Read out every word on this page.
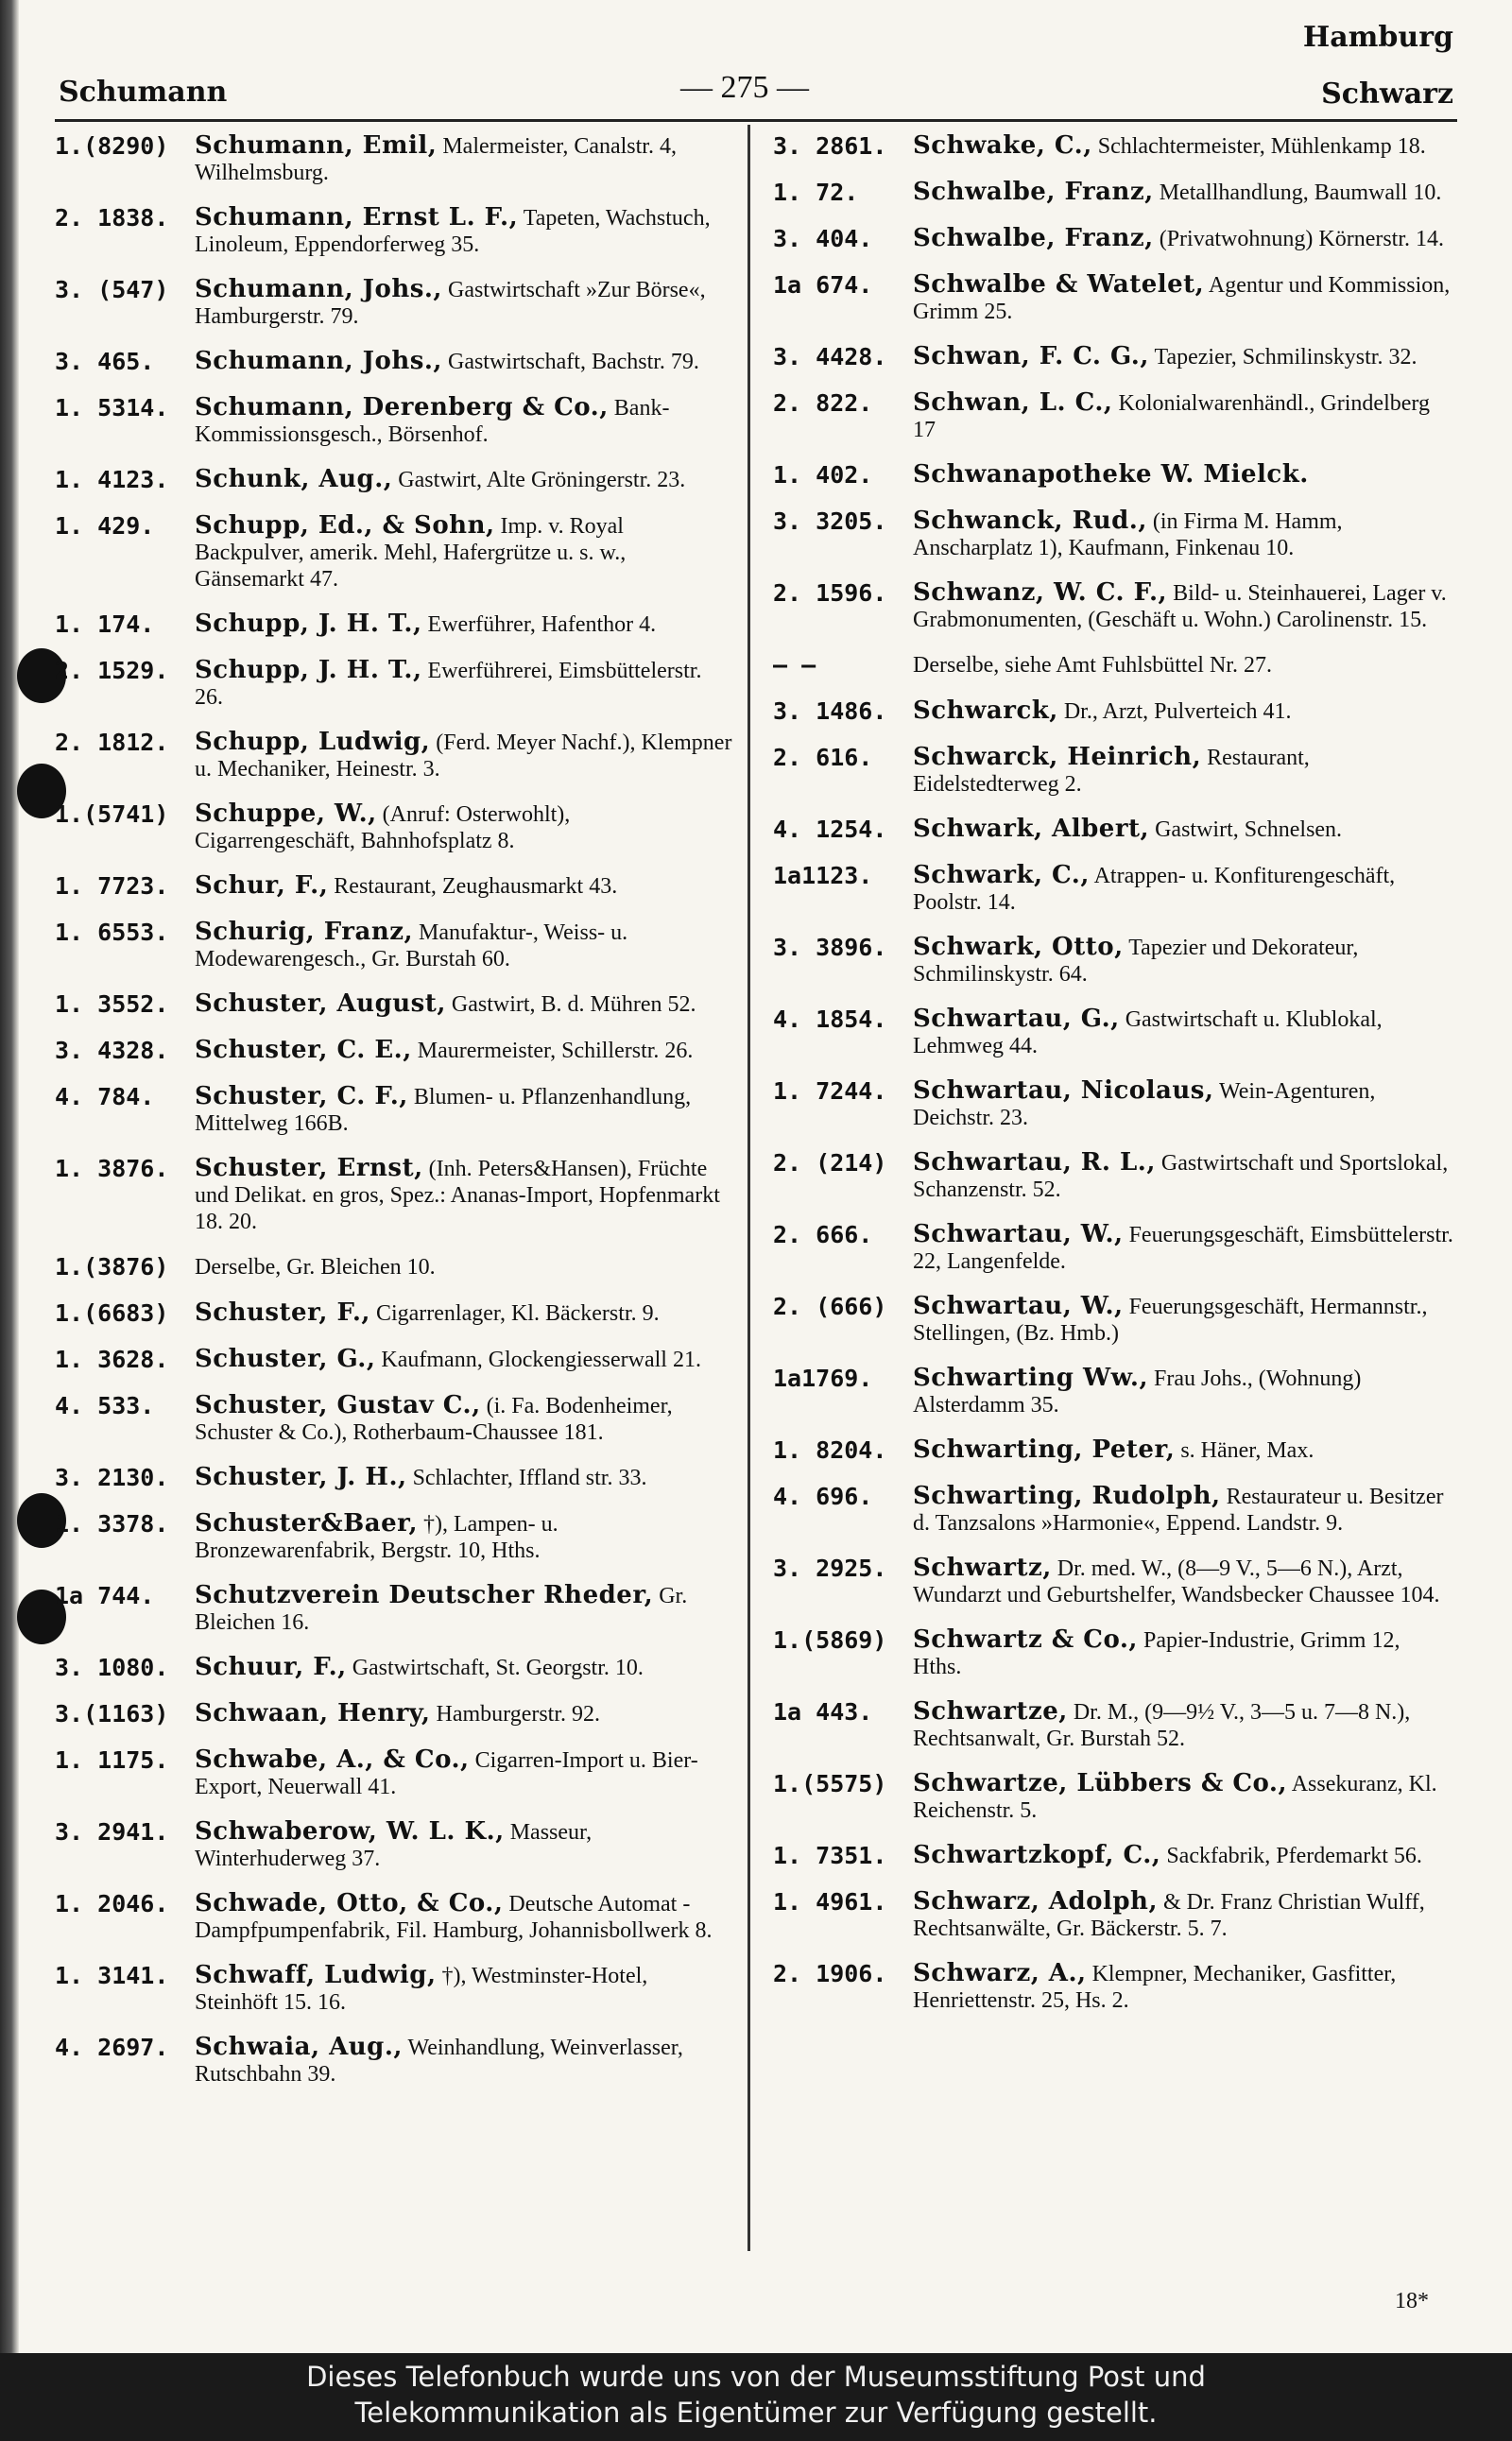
Schumann	— 275 —
Hamburg
Schwarz
1.(8290)	Schumann, Emil, Malermeister, Canalstr. 4, Wilhelmsburg.
2. 1838.	Schumann, Ernst L. F., Tapeten, Wachstuch, Linoleum, Eppendorferweg 35.
3. (547)	Schumann, Johs., Gastwirtschaft »Zur Börse«, Hamburgerstr. 79.
3. 465.	Schumann, Johs., Gastwirtschaft, Bachstr. 79.
1. 5314.	Schumann, Derenberg & Co., Bank-Kommissionsgesch., Börsenhof.
1. 4123.	Schunk, Aug., Gastwirt, Alte Gröningerstr. 23.
1. 429.	Schupp, Ed., & Sohn, Imp. v. Royal Backpulver, amerik. Mehl, Hafergrütze u. s. w., Gänsemarkt 47.
1. 174.	Schupp, J. H. T., Ewerführer, Hafenthor 4.
2. 1529.	Schupp, J. H. T., Ewerführerei, Eimsbüttelerstr. 26.
2. 1812.	Schupp, Ludwig, (Ferd. Meyer Nachf.), Klempner u. Mechaniker, Heinestr. 3.
1.(5741)	Schuppe, W., (Anruf: Osterwohlt), Cigarrengeschäft, Bahnhofsplatz 8.
1. 7723.	Schur, F., Restaurant, Zeughausmarkt 43.
1. 6553.	Schurig, Franz, Manufaktur-, Weiss- u. Modewarengesch., Gr. Burstah 60.
1. 3552.	Schuster, August, Gastwirt, B. d. Mühren 52.
3. 4328.	Schuster, C. E., Maurermeister, Schillerstr. 26.
4. 784.	Schuster, C. F., Blumen- u. Pflanzenhandlung, Mittelweg 166B.
1. 3876.	Schuster, Ernst, (Inh. Peters&Hansen), Früchte und Delikat. en gros, Spez.: Ananas-Import, Hopfenmarkt 18. 20.
1.(3876)	Derselbe, Gr. Bleichen 10.
1.(6683)	Schuster, F., Cigarrenlager, Kl. Bäckerstr. 9.
1. 3628.	Schuster, G., Kaufmann, Glockengiesserwall 21.
4. 533.	Schuster, Gustav C., (i. Fa. Bodenheimer, Schuster & Co.), Rotherbaum-Chaussee 181.
3. 2130.	Schuster, J. H., Schlachter, Iffland str. 33.
1. 3378.	Schuster&Baer, †), Lampen- u. Bronzewarenfabrik, Bergstr. 10, Hths.
1a 744.	Schutzverein Deutscher Rheder, Gr. Bleichen 16.
3. 1080.	Schuur, F., Gastwirtschaft, St. Georgstr. 10.
3.(1163)	Schwaan, Henry, Hamburgerstr. 92.
1. 1175.	Schwabe, A., & Co., Cigarren-Import u. Bier-Export, Neuerwall 41.
3. 2941.	Schwaberow, W. L. K., Masseur, Winterhuderweg 37.
1. 2046.	Schwade, Otto, & Co., Deutsche Automat - Dampfpumpenfabrik, Fil. Hamburg, Johannisbollwerk 8.
1. 3141.	Schwaff, Ludwig, †), Westminster-Hotel, Steinhöft 15. 16.
4. 2697.	Schwaia, Aug., Weinhandlung, Weinverlasser, Rutschbahn 39.
3. 2861.	Schwake, C., Schlachtermeister, Mühlenkamp 18.
1. 72.	Schwalbe, Franz, Metallhandlung, Baumwall 10.
3. 404.	Schwalbe, Franz, (Privatwohnung) Körnerstr. 14.
1a 674.	Schwalbe & Watelet, Agentur und Kommission, Grimm 25.
3. 4428.	Schwan, F. C. G., Tapezier, Schmilinskystr. 32.
2. 822.	Schwan, L. C., Kolonialwarenhändl., Grindelberg 17
1. 402.	Schwanapotheke W. Mielck.
3. 3205.	Schwanck, Rud., (in Firma M. Hamm, Anscharplatz 1), Kaufmann, Finkenau 10.
2. 1596.	Schwanz, W. C. F., Bild- u. Steinhauerei, Lager v. Grabmonumenten, (Geschäft u. Wohn.) Carolinenstr. 15.
— —	Derselbe, siehe Amt Fuhlsbüttel Nr. 27.
3. 1486.	Schwarck, Dr., Arzt, Pulverteich 41.
2. 616.	Schwarck, Heinrich, Restaurant, Eidelstedterweg 2.
4. 1254.	Schwark, Albert, Gastwirt, Schnelsen.
1a1123.	Schwark, C., Atrappen- u. Konfiturengeschäft, Poolstr. 14.
3. 3896.	Schwark, Otto, Tapezier und Dekorateur, Schmilinskystr. 64.
4. 1854.	Schwartau, G., Gastwirtschaft u. Klublokal, Lehmweg 44.
1. 7244.	Schwartau, Nicolaus, Wein-Agenturen, Deichstr. 23.
2. (214)	Schwartau, R. L., Gastwirtschaft und Sportslokal, Schanzenstr. 52.
2. 666.	Schwartau, W., Feuerungsgeschäft, Eimsbüttelerstr. 22, Langenfelde.
2. (666)	Schwartau, W., Feuerungsgeschäft, Hermannstr., Stellingen, (Bz. Hmb.)
1a1769.	Schwarting Ww., Frau Johs., (Wohnung) Alsterdamm 35.
1. 8204.	Schwarting, Peter, s. Häner, Max.
4. 696.	Schwarting, Rudolph, Restaurateur u. Besitzer d. Tanzsalons »Harmonie«, Eppend. Landstr. 9.
3. 2925.	Schwartz, Dr. med. W., (8—9 V., 5—6 N.), Arzt, Wundarzt und Geburtshelfer, Wandsbecker Chaussee 104.
1.(5869)	Schwartz & Co., Papier-Industrie, Grimm 12, Hths.
1a 443.	Schwartze, Dr. M., (9—9½ V., 3—5 u. 7—8 N.), Rechtsanwalt, Gr. Burstah 52.
1.(5575)	Schwartze, Lübbers & Co., Assekuranz, Kl. Reichenstr. 5.
1. 7351.	Schwartzkopf, C., Sackfabrik, Pferdemarkt 56.
1. 4961.	Schwarz, Adolph, & Dr. Franz Christian Wulff, Rechtsanwälte, Gr. Bäckerstr. 5. 7.
2. 1906.	Schwarz, A., Klempner, Mechaniker, Gasfitter, Henriettenstr. 25, Hs. 2.
18*
Dieses Telefonbuch wurde uns von der Museumsstiftung Post und
Telekommunikation als Eigentümer zur Verfügung gestellt.
